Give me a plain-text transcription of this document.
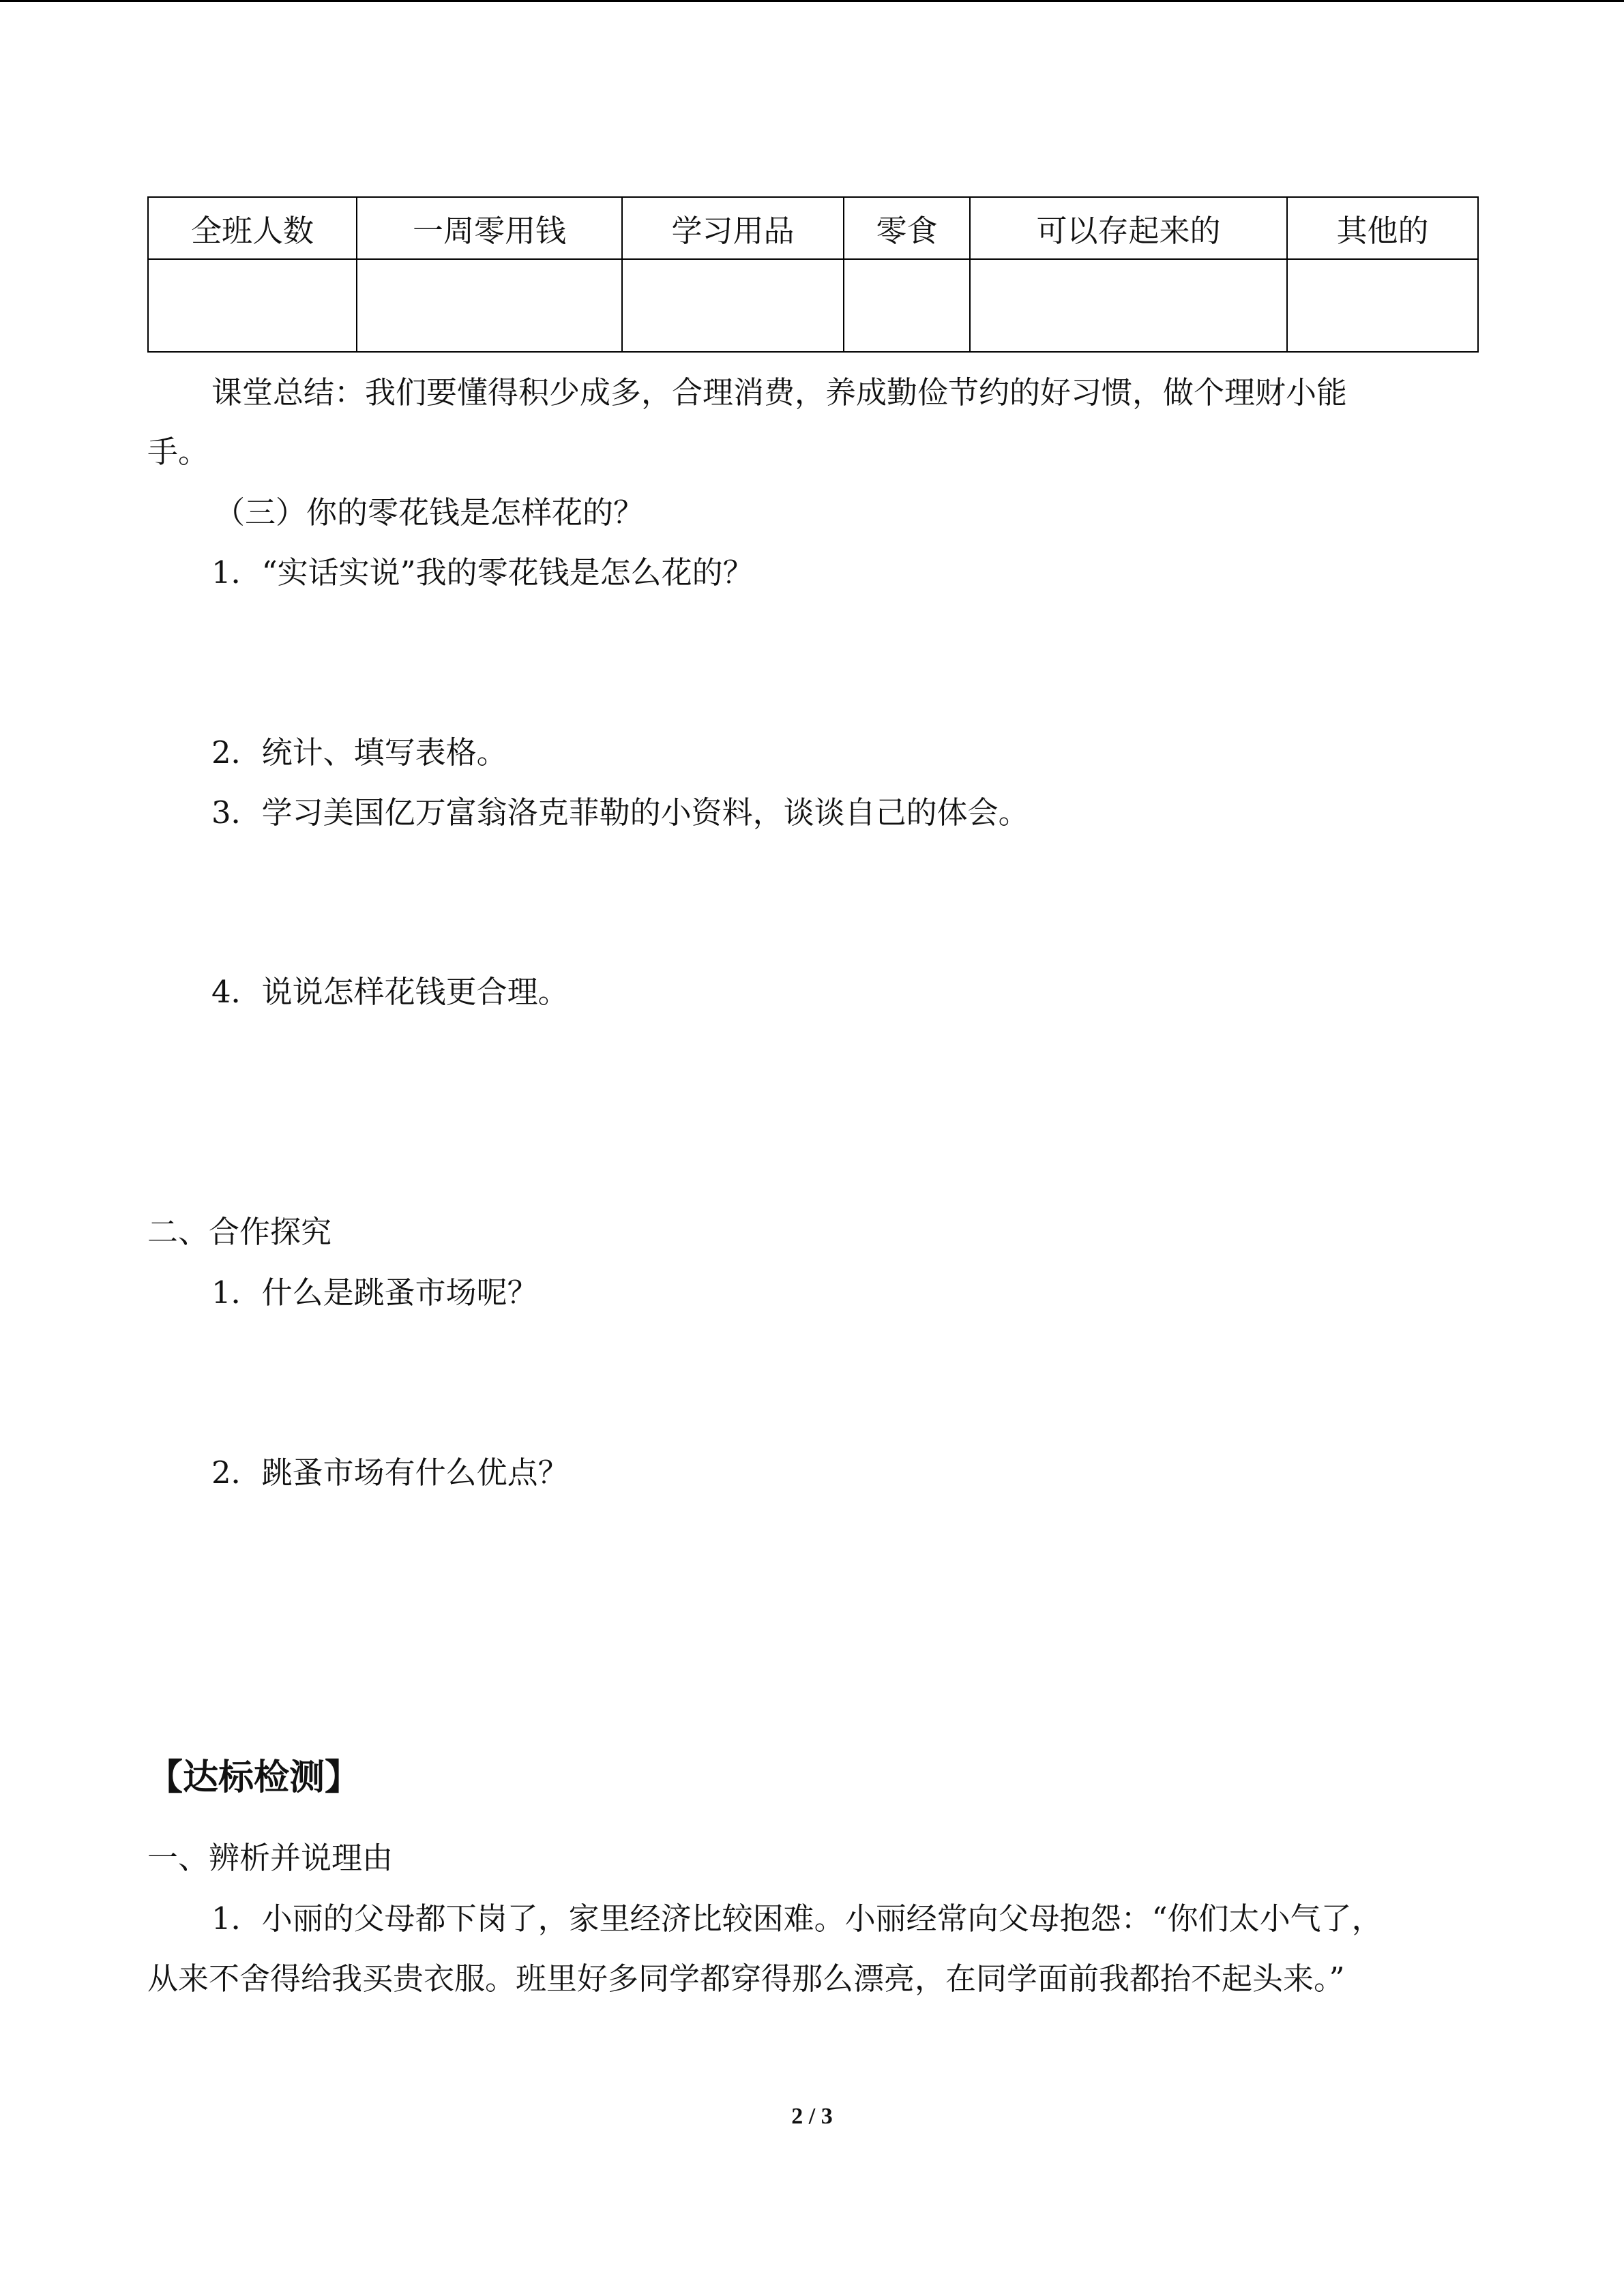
全班人数	一周零用钱	学习用品	零食	可以存起来的	其他的

课堂总结：我们要懂得积少成多，合理消费，养成勤俭节约的好习惯，做个理财小能
手。
（三）你的零花钱是怎样花的？
1．“实话实说”我的零花钱是怎么花的？
2．统计、填写表格。
3．学习美国亿万富翁洛克菲勒的小资料，谈谈自己的体会。
4．说说怎样花钱更合理。
二、合作探究
1．什么是跳蚤市场呢？
2．跳蚤市场有什么优点？
【达标检测】
一、辨析并说理由
1．小丽的父母都下岗了，家里经济比较困难。小丽经常向父母抱怨：“你们太小气了，
从来不舍得给我买贵衣服。班里好多同学都穿得那么漂亮，在同学面前我都抬不起头来。”
2 / 3
